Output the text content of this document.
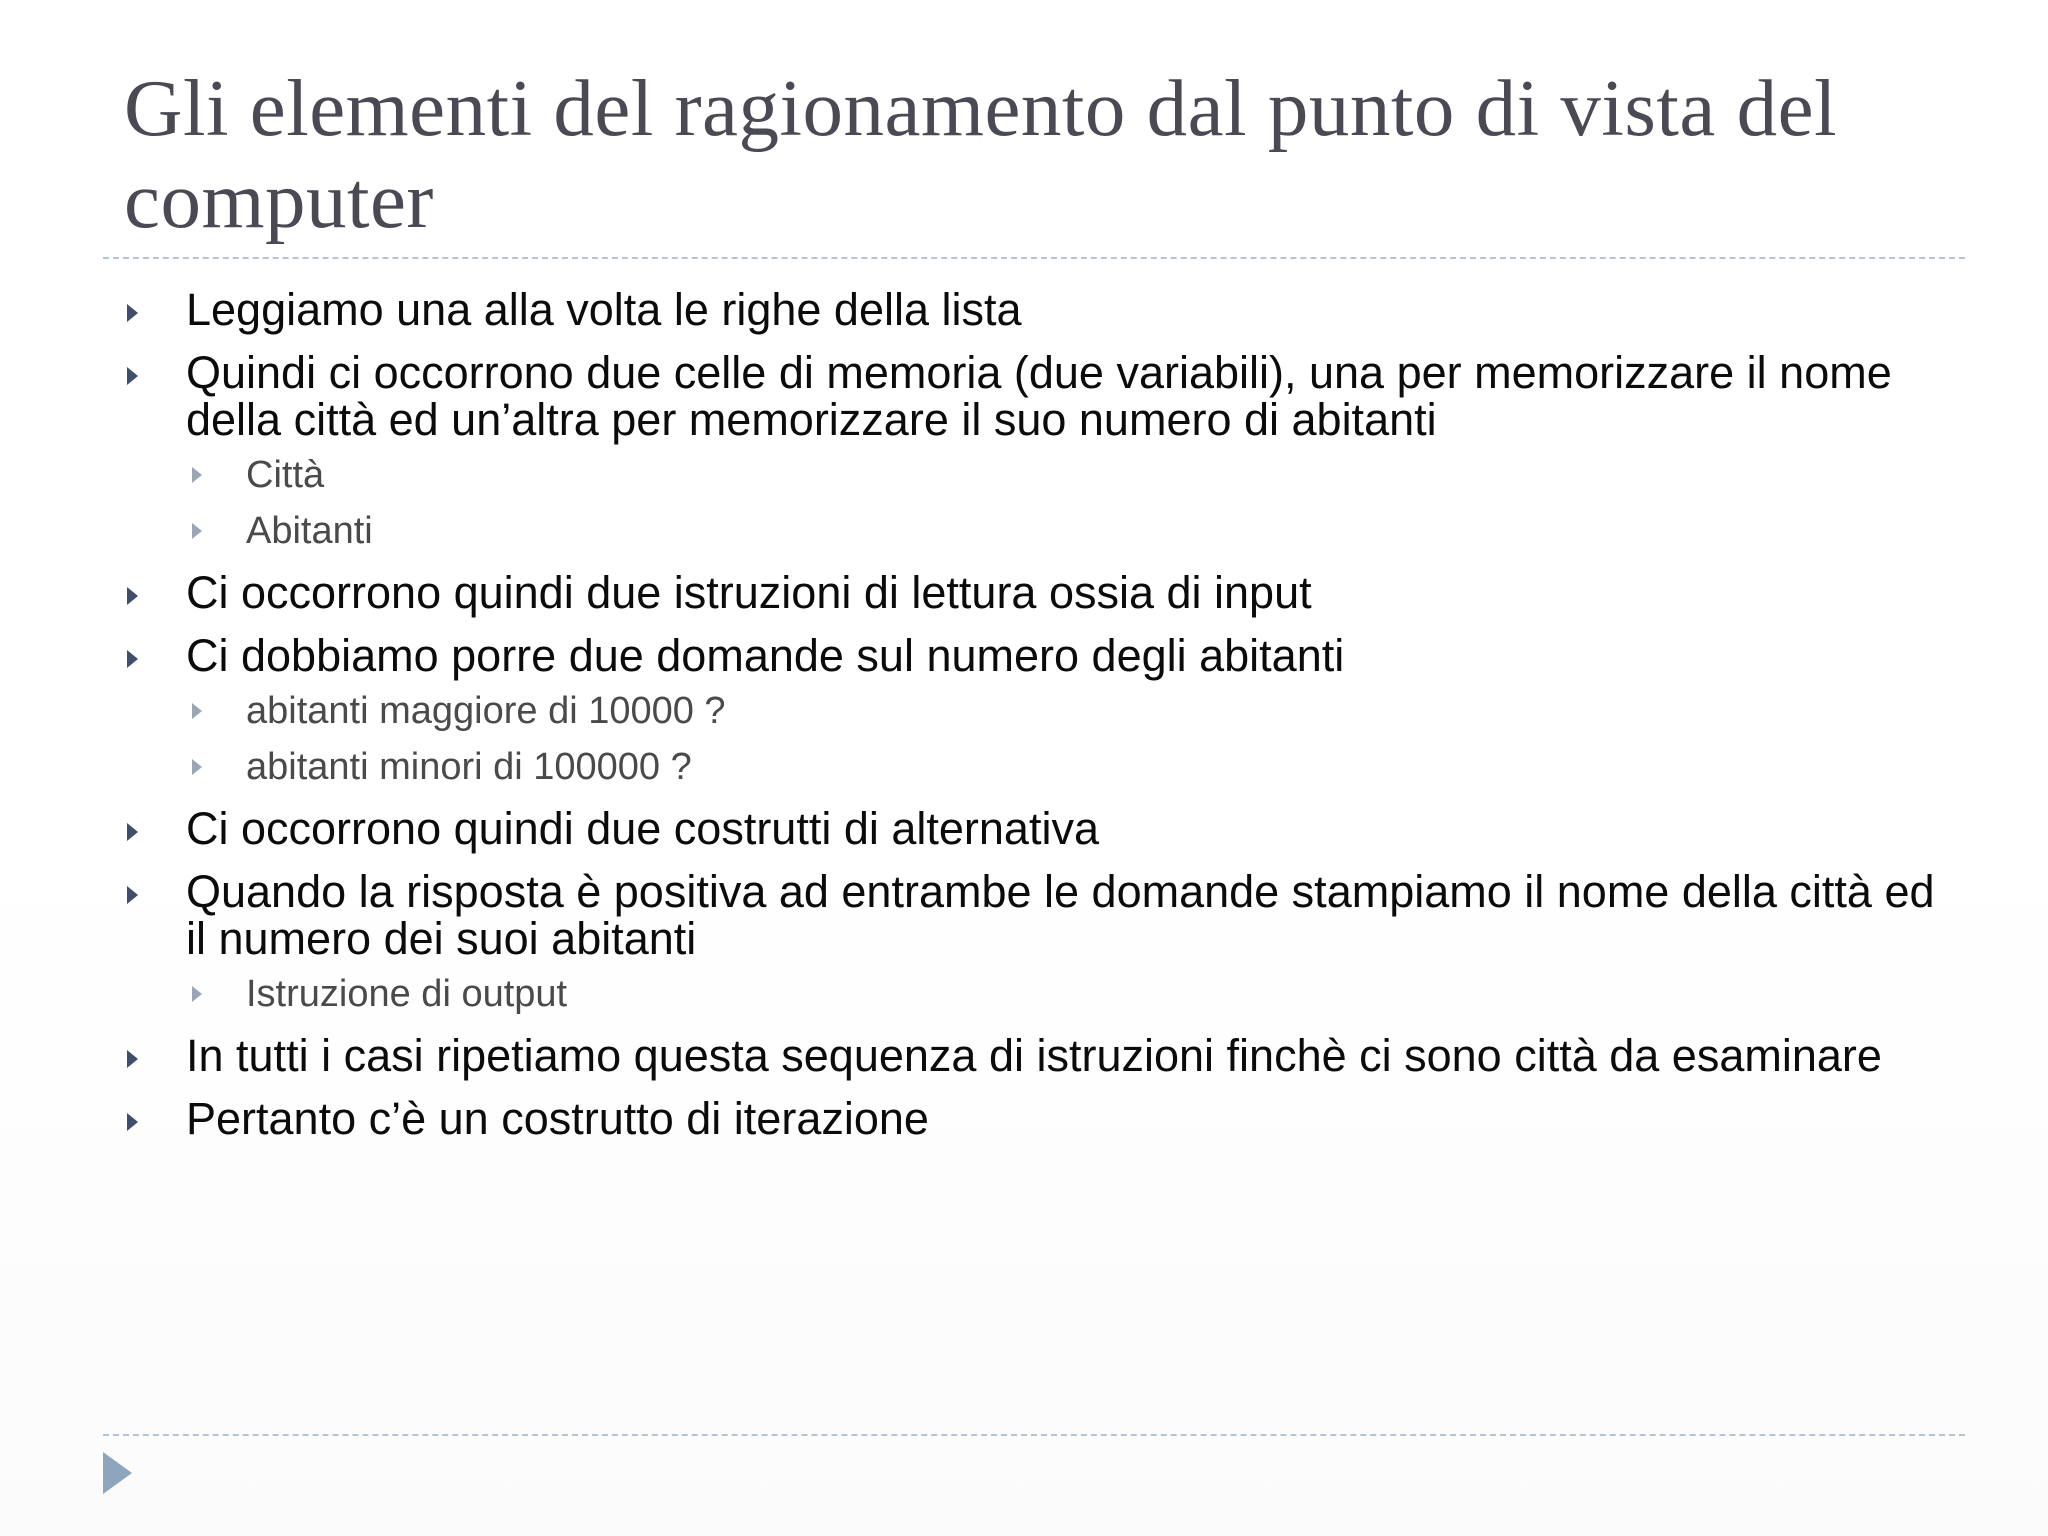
Gli elementi del ragionamento dal punto di vista del computer
Leggiamo una alla volta le righe della lista
Quindi ci occorrono due celle di memoria (due variabili), una per memorizzare il nome della città ed un’altra per memorizzare il suo numero di abitanti
Città
Abitanti
Ci occorrono quindi due istruzioni di lettura ossia di input
Ci dobbiamo porre due domande sul numero degli abitanti
abitanti maggiore di 10000 ?
abitanti minori di 100000 ?
Ci occorrono quindi due costrutti di alternativa
Quando la risposta è positiva ad entrambe le domande stampiamo il nome della città ed il numero dei suoi abitanti
Istruzione di output
In tutti i casi ripetiamo questa sequenza di istruzioni finchè ci sono città da esaminare
Pertanto c’è un costrutto di iterazione
